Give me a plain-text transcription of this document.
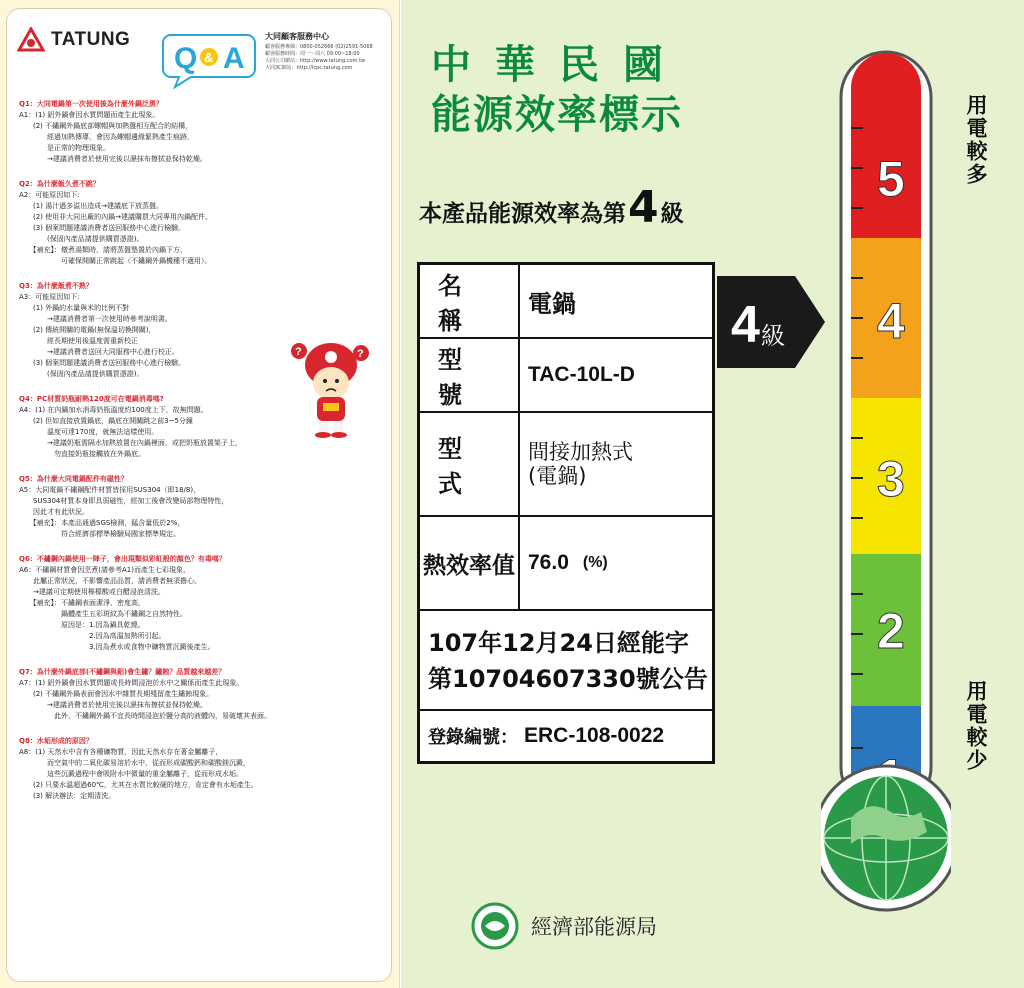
TATUNG
Q & A
大同顧客服務中心
顧客服務專線：0800-052666 (02)2591-5068
顧客服務時間：周一～周六 09:00~18:00
大同公司網站：http://www.tatung.com.tw
大同3C網站：http://lcpc.tatung.com
Q1：大同電鍋第一次使用後為什麼外鍋泛黑？
A1：(1) 鋁外鍋會因水質問題而產生此現象。
　　(2) 不鏽鋼外鍋底部螺帽與加熱盤相互配合的結構，
　　　　經過加熱傳導，會因為螺帽邊緣緊熱產生痕跡，
　　　　是正常的物理現象。
　　　　→建議消費者於使用完後以濕抹布擦拭並保持乾燥。
Q2：為什麼飯久煮不跳？
A2：可能原因如下:
　　(1) 湯汁過多溢出造成→建議底下放蒸盤。
　　(2) 使用非大同出廠的內鍋→建議購買大同專用內鍋配件。
　　(3) 個案問題建議消費者送回服務中心進行檢驗。
　　　　(保固內產品請提供購買憑證)。
　　【補充】：燉煮湯類時，請將蒸盤墊置於內鍋下方，
　　　　　　可確保開關正常跳起（不鏽鋼外鍋機種不適用）。
Q3：為什麼飯煮不熟？
A3：可能原因如下:
　　(1) 外鍋的水量與米的比例不對
　　　　→建議消費者第一次使用時參考說明書。
　　(2) 傳統開關的電鍋(無保溫切換開關)，
　　　　經長期使用後溫度需重新校正
　　　　→建議消費者送回大同服務中心進行校正。
　　(3) 個案問題建議消費者送回服務中心進行檢驗。
　　　　(保固內產品請提供購買憑證)。
Q4：PC材質奶瓶耐熱120度可在電鍋消毒嗎?
A4：(1) 在內鍋加水消毒奶瓶溫度約100度上下，故無問題。
　　(2) 但如直接放置鍋底，鍋底在開關跳之前3~5分鐘
　　　　溫度可達170度，就無法這樣使用。
　　　　→建議奶瓶需隔水加熱放置在內鍋裡面，或把奶瓶放置架子上，
　　　　　勿直接奶瓶接觸放在外鍋底。
Q5：為什麼大同電鍋配件有磁性？
A5：大同電鍋不鏽鋼配件材質皆採用SUS304（即18/8)，
　　SUS304材質本身即具弱磁性，經加工後會改變局部物理特性，
　　因此才有此狀況。
　　【補充】：本產品通過SGS檢測，錳含量低於2%，
　　　　　　符合經濟部標準檢驗局國家標準規定。
Q6：不鏽鋼內鍋使用一陣子，會出現類似彩虹般的顏色？有毒嗎？
A6：不鏽鋼材質會因烹煮(請參考A1)而產生七彩現象，
　　此屬正常狀況，不影響產品品質，請消費者無須擔心。
　　→建議可定期使用檸檬酸或白醋浸泡清洗。
　　【補充】：不鏽鋼表面潔淨、密度高，
　　　　　　鍋體產生五彩斑紋為不鏽鋼之自然特性。
　　　　　　原因是：1.因為鍋具乾燒。
　　　　　　　　　　2.因為高溫加熱所引起。
　　　　　　　　　　3.因為煮水或食物中礦物質沉澱後產生。
Q7：為什麼外鍋底部(不鏽鋼與鋁)會生鏽？鏽蝕？品質越來越差？
A7：(1) 鋁外鍋會因水質問題或長時間浸泡於水中之關係而產生此現象。
　　(2) 不鏽鋼外鍋表面會因水中雜質長期殘留產生鏽蝕現象。
　　　　→建議消費者於使用完後以濕抹布擦拭並保持乾燥。
　　　　　此外，不鏽鋼外鍋不宜長時間浸泡於鹽分高的液體內，易破壞其表面。
Q8：水垢形成的原因？
A8：(1) 天然水中含有各種礦物質，因此天然水存在著金屬離子，
　　　　而空氣中的二氧化碳易溶於水中，從而形成碳酸鈣和碳酸鎂沉澱，
　　　　這些沉澱過程中會吸附水中微量的重金屬離子，從而形成水垢。
　　(2) 只要水溫超過60℃，尤其在水質比較硬的地方，肯定會有水垢產生。
　　(3) 解決辦法：定期清洗。
?	?
中華民國
能源效率標示
本產品能源效率為第 4 級
名稱
電鍋
型號
TAC-10L-D
型式
間接加熱式
(電鍋)
熱效率值 76.0 (%)
107年12月24日經能字
第10704607330號公告
登錄編號： ERC-108-0022
4 級
5
4
3
2
用電較多
用電較少
經濟部能源局
